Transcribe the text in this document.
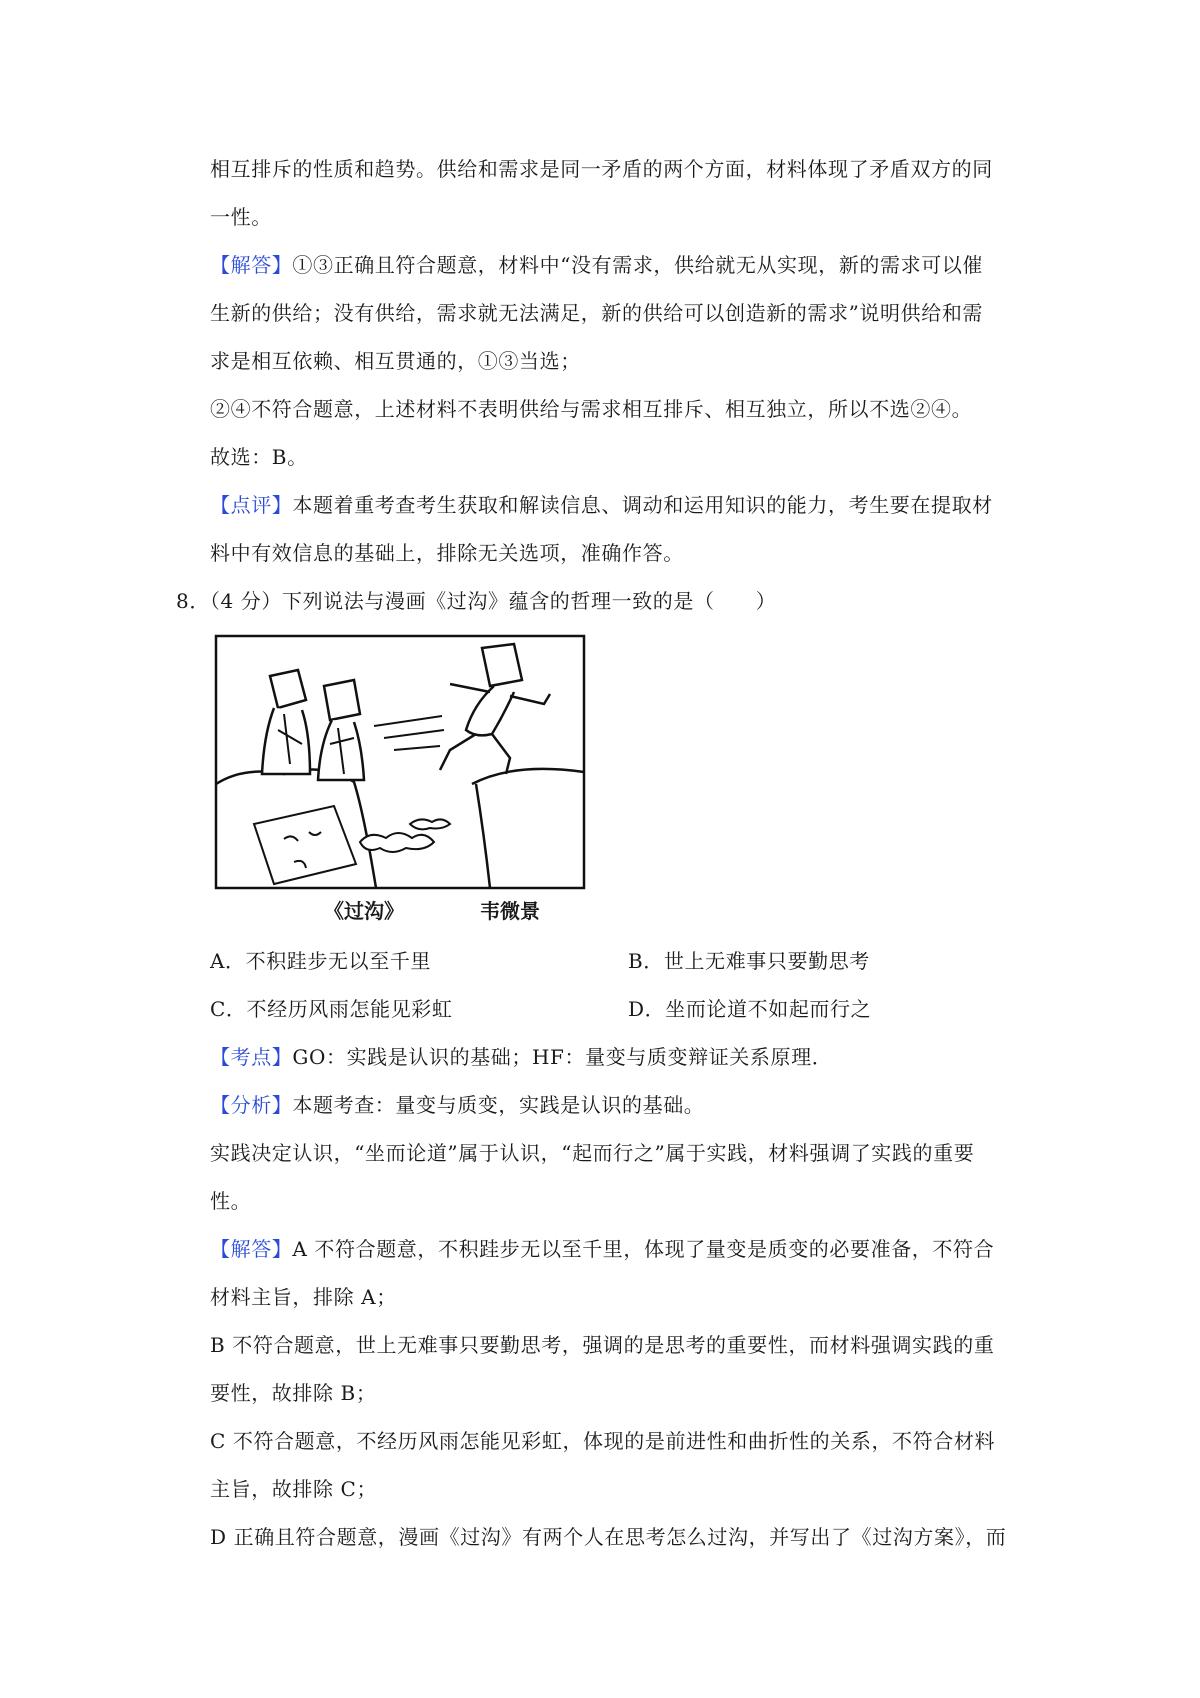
相互排斥的性质和趋势。供给和需求是同一矛盾的两个方面，材料体现了矛盾双方的同
一性。
【解答】①③正确且符合题意，材料中“没有需求，供给就无从实现，新的需求可以催
生新的供给；没有供给，需求就无法满足，新的供给可以创造新的需求”说明供给和需
求是相互依赖、相互贯通的，①③当选；
②④不符合题意，上述材料不表明供给与需求相互排斥、相互独立，所以不选②④。
故选：B。
【点评】本题着重考查考生获取和解读信息、调动和运用知识的能力，考生要在提取材
料中有效信息的基础上，排除无关选项，准确作答。
8．（4 分）下列说法与漫画《过沟》蕴含的哲理一致的是（　　）
《过沟》	韦微景
A．不积跬步无以至千里	B．世上无难事只要勤思考
C．不经历风雨怎能见彩虹	D．坐而论道不如起而行之
【考点】GO：实践是认识的基础；HF：量变与质变辩证关系原理．
【分析】本题考查：量变与质变，实践是认识的基础。
实践决定认识，“坐而论道”属于认识，“起而行之”属于实践，材料强调了实践的重要
性。
【解答】A 不符合题意，不积跬步无以至千里，体现了量变是质变的必要准备，不符合
材料主旨，排除 A；
B 不符合题意，世上无难事只要勤思考，强调的是思考的重要性，而材料强调实践的重
要性，故排除 B；
C 不符合题意，不经历风雨怎能见彩虹，体现的是前进性和曲折性的关系，不符合材料
主旨，故排除 C；
D 正确且符合题意，漫画《过沟》有两个人在思考怎么过沟，并写出了《过沟方案》，而
